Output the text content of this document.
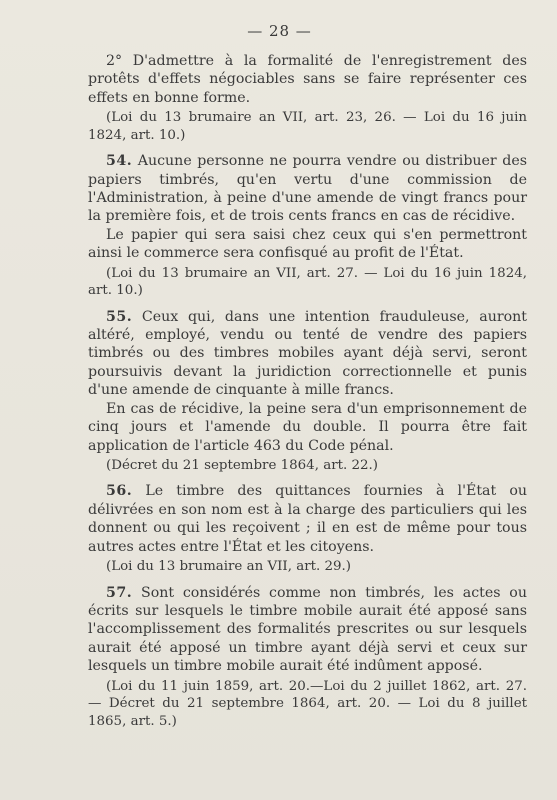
— 28 —

2° D'admettre à la formalité de l'enregistrement des protêts d'effets négociables sans se faire représenter ces effets en bonne forme.

(Loi du 13 brumaire an VII, art. 23, 26. — Loi du 16 juin 1824, art. 10.)

54. Aucune personne ne pourra vendre ou distribuer des papiers timbrés, qu'en vertu d'une commission de l'Administration, à peine d'une amende de vingt francs pour la première fois, et de trois cents francs en cas de récidive.

Le papier qui sera saisi chez ceux qui s'en permettront ainsi le commerce sera confisqué au profit de l'État.

(Loi du 13 brumaire an VII, art. 27. — Loi du 16 juin 1824, art. 10.)

55. Ceux qui, dans une intention frauduleuse, auront altéré, employé, vendu ou tenté de vendre des papiers timbrés ou des timbres mobiles ayant déjà servi, seront poursuivis devant la juridiction correctionnelle et punis d'une amende de cinquante à mille francs.

En cas de récidive, la peine sera d'un emprisonnement de cinq jours et l'amende du double. Il pourra être fait application de l'article 463 du Code pénal.

(Décret du 21 septembre 1864, art. 22.)

56. Le timbre des quittances fournies à l'État ou délivrées en son nom est à la charge des particuliers qui les donnent ou qui les reçoivent ; il en est de même pour tous autres actes entre l'État et les citoyens.

(Loi du 13 brumaire an VII, art. 29.)

57. Sont considérés comme non timbrés, les actes ou écrits sur lesquels le timbre mobile aurait été apposé sans l'accomplissement des formalités prescrites ou sur lesquels aurait été apposé un timbre ayant déjà servi et ceux sur lesquels un timbre mobile aurait été indûment apposé.

(Loi du 11 juin 1859, art. 20.—Loi du 2 juillet 1862, art. 27. — Décret du 21 septembre 1864, art. 20. — Loi du 8 juillet 1865, art. 5.)
